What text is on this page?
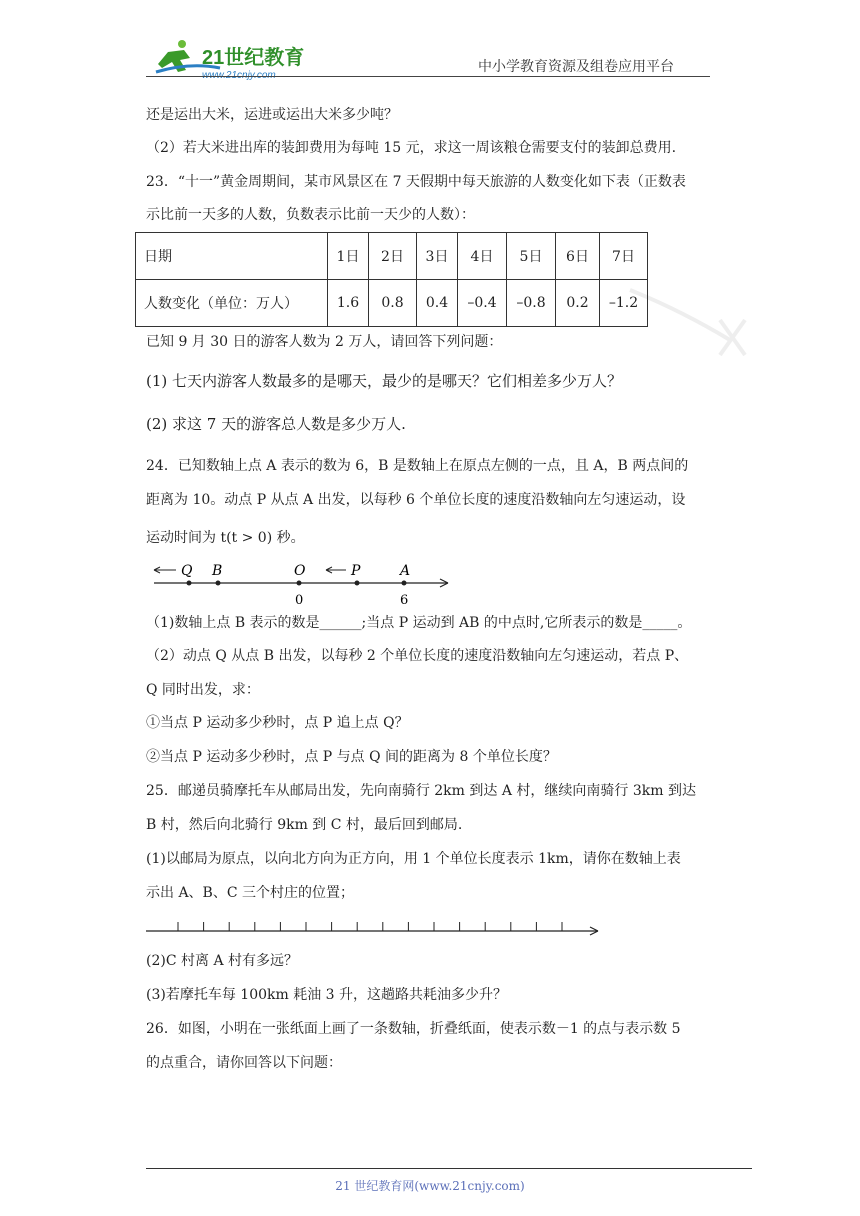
21世纪教育
www.21cnjy.com
中小学教育资源及组卷应用平台
还是运出大米，运进或运出大米多少吨？
（2）若大米进出库的装卸费用为每吨 15 元，求这一周该粮仓需要支付的装卸总费用.
23．“十一”黄金周期间，某市风景区在 7 天假期中每天旅游的人数变化如下表（正数表
示比前一天多的人数，负数表示比前一天少的人数）：
日期	1日	2日	3日	4日	5日	6日	7日
人数变化（单位：万人）	1.6	0.8	0.4	–0.4	–0.8	0.2	–1.2
已知 9 月 30 日的游客人数为 2 万人，请回答下列问题：
(1) 七天内游客人数最多的是哪天，最少的是哪天？它们相差多少万人？
(2) 求这 7 天的游客总人数是多少万人.
24．已知数轴上点 A 表示的数为 6，B 是数轴上在原点左侧的一点，且 A，B 两点间的
距离为 10。动点 P 从点 A 出发，以每秒 6 个单位长度的速度沿数轴向左匀速运动，设
运动时间为 t(t > 0) 秒。
Q B	O	P	A
0	6
（1)数轴上点 B 表示的数是______;当点 P 运动到 AB 的中点时,它所表示的数是_____。
（2）动点 Q 从点 B 出发，以每秒 2 个单位长度的速度沿数轴向左匀速运动，若点 P、
Q 同时出发，求：
①当点 P 运动多少秒时，点 P 追上点 Q？
②当点 P 运动多少秒时，点 P 与点 Q 间的距离为 8 个单位长度？
25．邮递员骑摩托车从邮局出发，先向南骑行 2km 到达 A 村，继续向南骑行 3km 到达
B 村，然后向北骑行 9km 到 C 村，最后回到邮局.
(1)以邮局为原点，以向北方向为正方向，用 1 个单位长度表示 1km，请你在数轴上表
示出 A、B、C 三个村庄的位置；
(2)C 村离 A 村有多远？
(3)若摩托车每 100km 耗油 3 升，这趟路共耗油多少升？
26．如图，小明在一张纸面上画了一条数轴，折叠纸面，使表示数－1 的点与表示数 5
的点重合，请你回答以下问题：
21 世纪教育网(www.21cnjy.com)
